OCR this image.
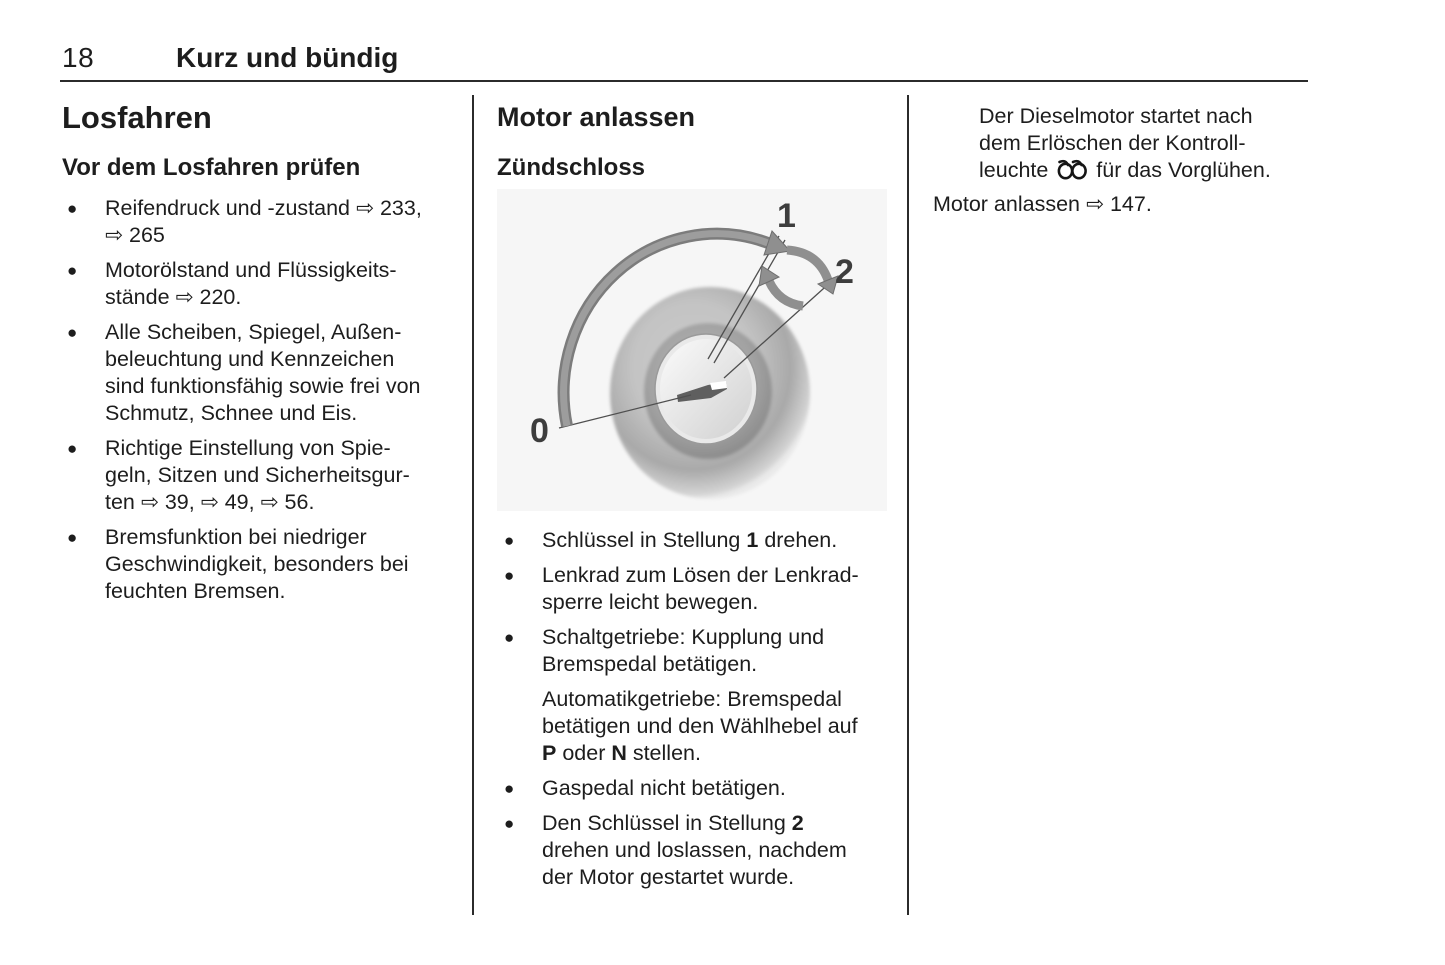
18	Kurz und bündig
Losfahren
Vor dem Losfahren prüfen
●	Reifendruck und -zustand ⇨ 233,
⇨ 265
●	Motorölstand und Flüssigkeits-
stände ⇨ 220.
●	Alle Scheiben, Spiegel, Außen-
beleuchtung und Kennzeichen
sind funktionsfähig sowie frei von
Schmutz, Schnee und Eis.
●	Richtige Einstellung von Spie-
geln, Sitzen und Sicherheitsgur-
ten ⇨ 39, ⇨ 49, ⇨ 56.
●	Bremsfunktion bei niedriger
Geschwindigkeit, besonders bei
feuchten Bremsen.
Motor anlassen
Zündschloss
0
1
2
●	Schlüssel in Stellung 1 drehen.
●	Lenkrad zum Lösen der Lenkrad-
sperre leicht bewegen.
●	Schaltgetriebe: Kupplung und
Bremspedal betätigen.
Automatikgetriebe: Bremspedal
betätigen und den Wählhebel auf
P oder N stellen.
●	Gaspedal nicht betätigen.
●	Den Schlüssel in Stellung 2
drehen und loslassen, nachdem
der Motor gestartet wurde.

Der Dieselmotor startet nach
dem Erlöschen der Kontroll-
leuchte  für das Vorglühen.

Motor anlassen ⇨ 147.
